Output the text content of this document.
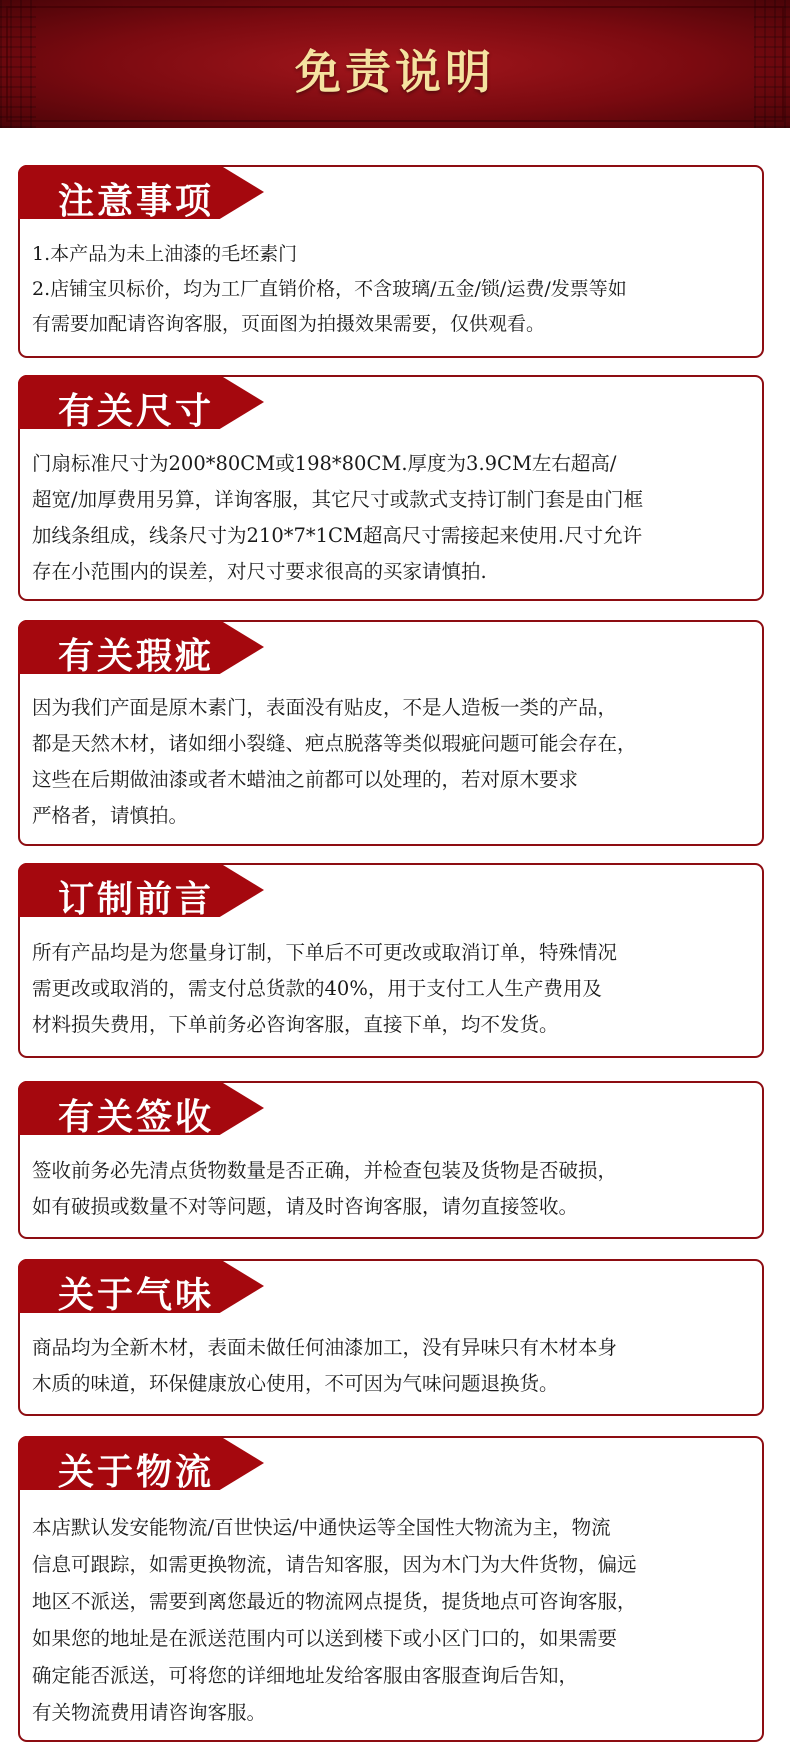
免责说明
注意事项
1.本产品为未上油漆的毛坯素门
2.店铺宝贝标价，均为工厂直销价格，不含玻璃/五金/锁/运费/发票等如
有需要加配请咨询客服，页面图为拍摄效果需要，仅供观看。
有关尺寸
门扇标准尺寸为200*80CM或198*80CM.厚度为3.9CM左右超高/
超宽/加厚费用另算，详询客服，其它尺寸或款式支持订制门套是由门框
加线条组成，线条尺寸为210*7*1CM超高尺寸需接起来使用.尺寸允许
存在小范围内的误差，对尺寸要求很高的买家请慎拍.
有关瑕疵
因为我们产面是原木素门，表面没有贴皮，不是人造板一类的产品，
都是天然木材，诸如细小裂缝、疤点脱落等类似瑕疵问题可能会存在，
这些在后期做油漆或者木蜡油之前都可以处理的，若对原木要求
严格者，请慎拍。
订制前言
所有产品均是为您量身订制，下单后不可更改或取消订单，特殊情况
需更改或取消的，需支付总货款的40%，用于支付工人生产费用及
材料损失费用，下单前务必咨询客服，直接下单，均不发货。
有关签收
签收前务必先清点货物数量是否正确，并检查包装及货物是否破损，
如有破损或数量不对等问题，请及时咨询客服，请勿直接签收。
关于气味
商品均为全新木材，表面未做任何油漆加工，没有异味只有木材本身
木质的味道，环保健康放心使用，不可因为气味问题退换货。
关于物流
本店默认发安能物流/百世快运/中通快运等全国性大物流为主，物流
信息可跟踪，如需更换物流，请告知客服，因为木门为大件货物，偏远
地区不派送，需要到离您最近的物流网点提货，提货地点可咨询客服，
如果您的地址是在派送范围内可以送到楼下或小区门口的，如果需要
确定能否派送，可将您的详细地址发给客服由客服查询后告知，
有关物流费用请咨询客服。
